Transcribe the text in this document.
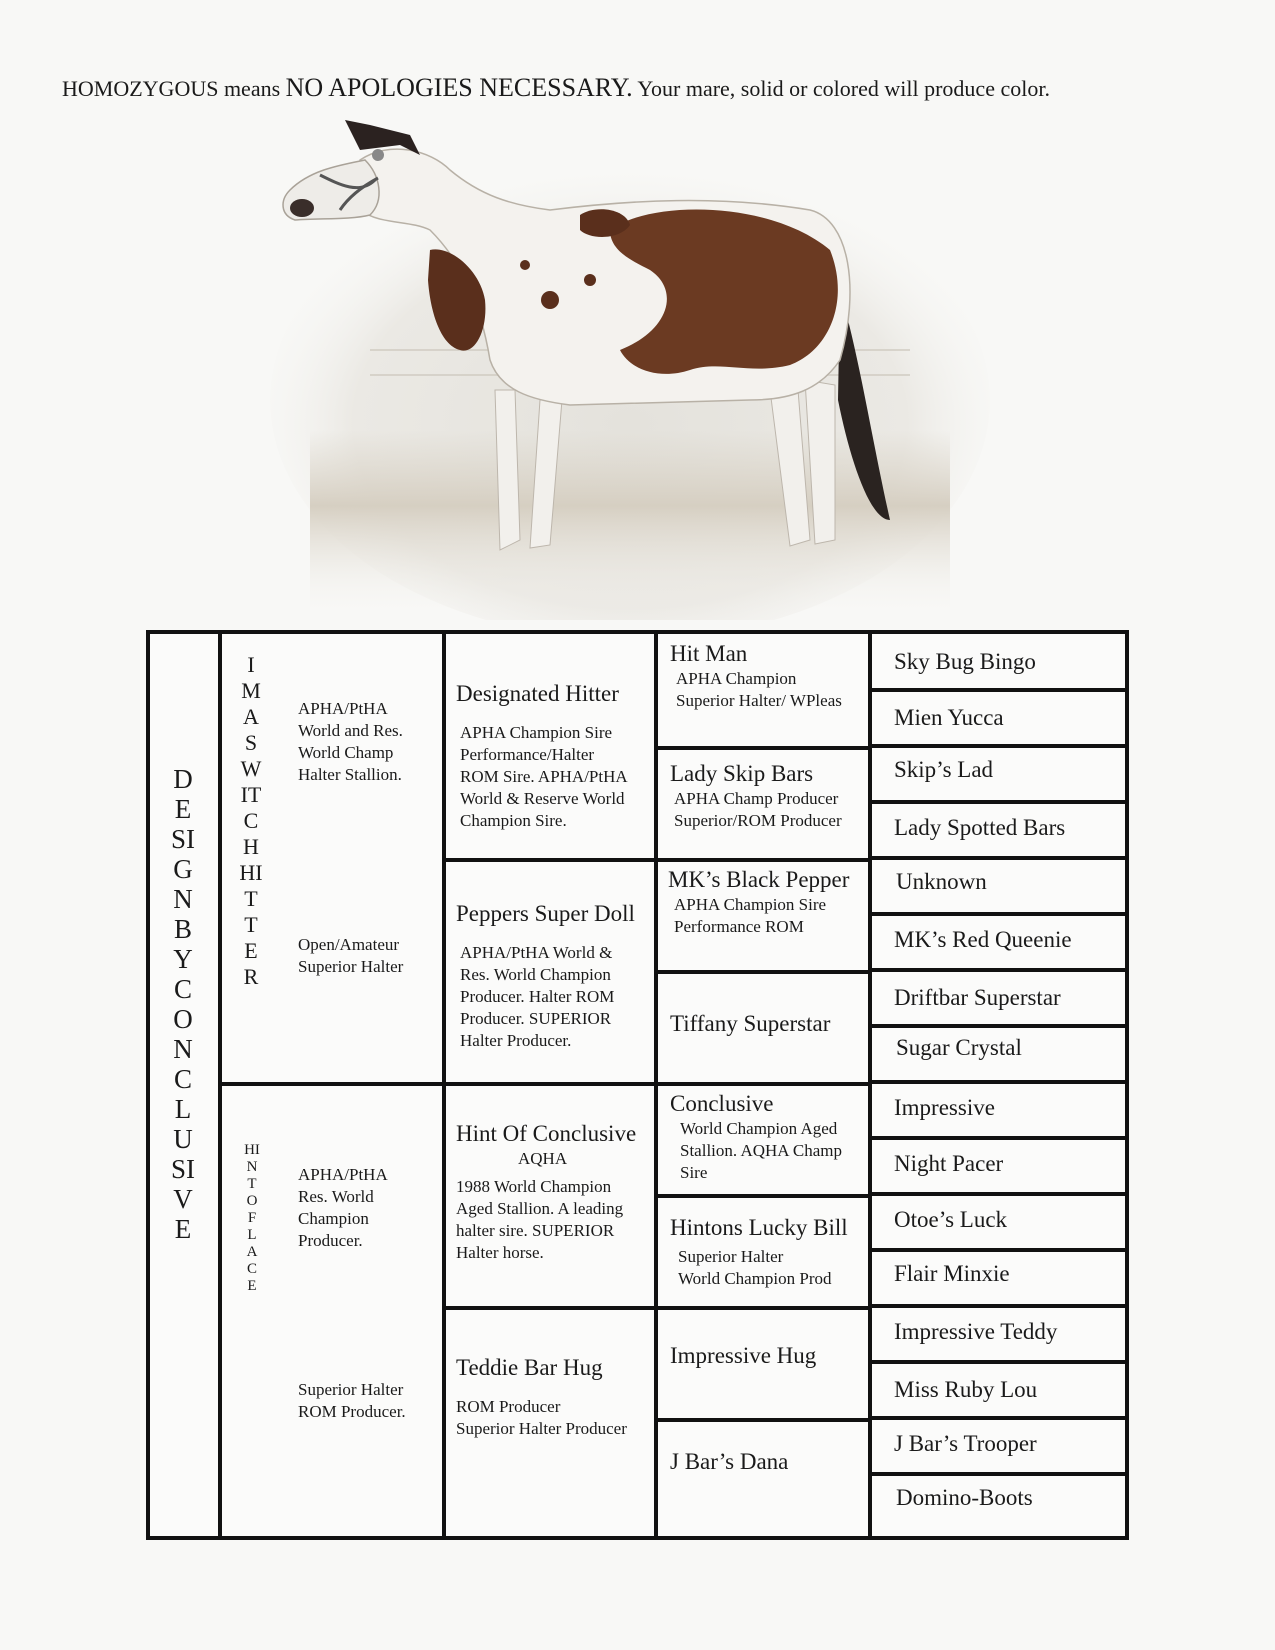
HOMOZYGOUS means NO APOLOGIES NECESSARY. Your mare, solid or colored will produce color.
DESIGN BY CONCLUSIVE
IMA SWITCH HITTER
APHA/PtHA
World and Res.
World Champ
Halter Stallion.
Open/Amateur
Superior Halter
HINT OF LACE
APHA/PtHA
Res. World
Champion
Producer.
Superior Halter
ROM Producer.
Designated Hitter
APHA Champion Sire
Performance/Halter
ROM Sire. APHA/PtHA
World & Reserve World
Champion Sire.
Peppers Super Doll
APHA/PtHA World &
Res. World Champion
Producer. Halter ROM
Producer. SUPERIOR
Halter Producer.
Hint Of Conclusive
AQHA
1988 World Champion
Aged Stallion. A leading
halter sire. SUPERIOR
Halter horse.
Teddie Bar Hug
ROM Producer
Superior Halter Producer
Hit Man
APHA Champion
Superior Halter/ WPleas
Lady Skip Bars
APHA Champ Producer
Superior/ROM Producer
MK’s Black Pepper
APHA Champion Sire
Performance ROM
Tiffany Superstar
Conclusive
World Champion Aged
Stallion. AQHA Champ
Sire
Hintons Lucky Bill
Superior Halter
World Champion Prod
Impressive Hug
J Bar’s Dana
Sky Bug Bingo
Mien Yucca
Skip’s Lad
Lady Spotted Bars
Unknown
MK’s Red Queenie
Driftbar Superstar
Sugar Crystal
Impressive
Night Pacer
Otoe’s Luck
Flair Minxie
Impressive Teddy
Miss Ruby Lou
J Bar’s Trooper
Domino-Boots
